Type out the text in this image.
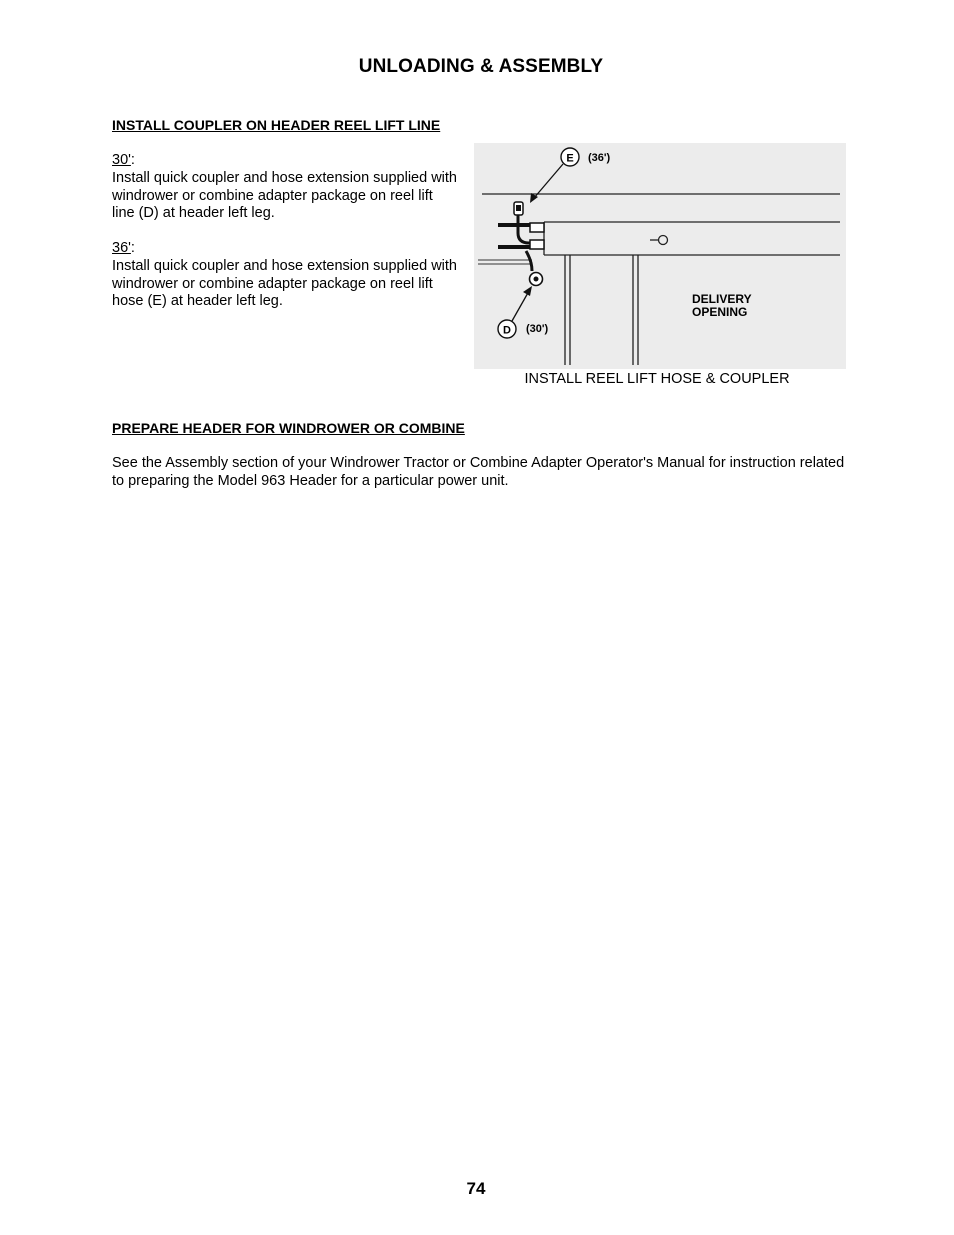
UNLOADING & ASSEMBLY
INSTALL COUPLER ON HEADER REEL LIFT LINE
30':
Install quick coupler and hose extension supplied with windrower or combine adapter package on reel lift line (D) at header left leg.
36':
Install quick coupler and hose extension supplied with windrower or combine adapter package on reel lift hose (E) at header left leg.
E (36')
D (30')
DELIVERY
OPENING
INSTALL REEL LIFT HOSE & COUPLER
PREPARE HEADER FOR WINDROWER OR COMBINE
See the Assembly section of your Windrower Tractor or Combine Adapter Operator's Manual for instruction related to preparing the Model 963 Header for a particular power unit.
74
